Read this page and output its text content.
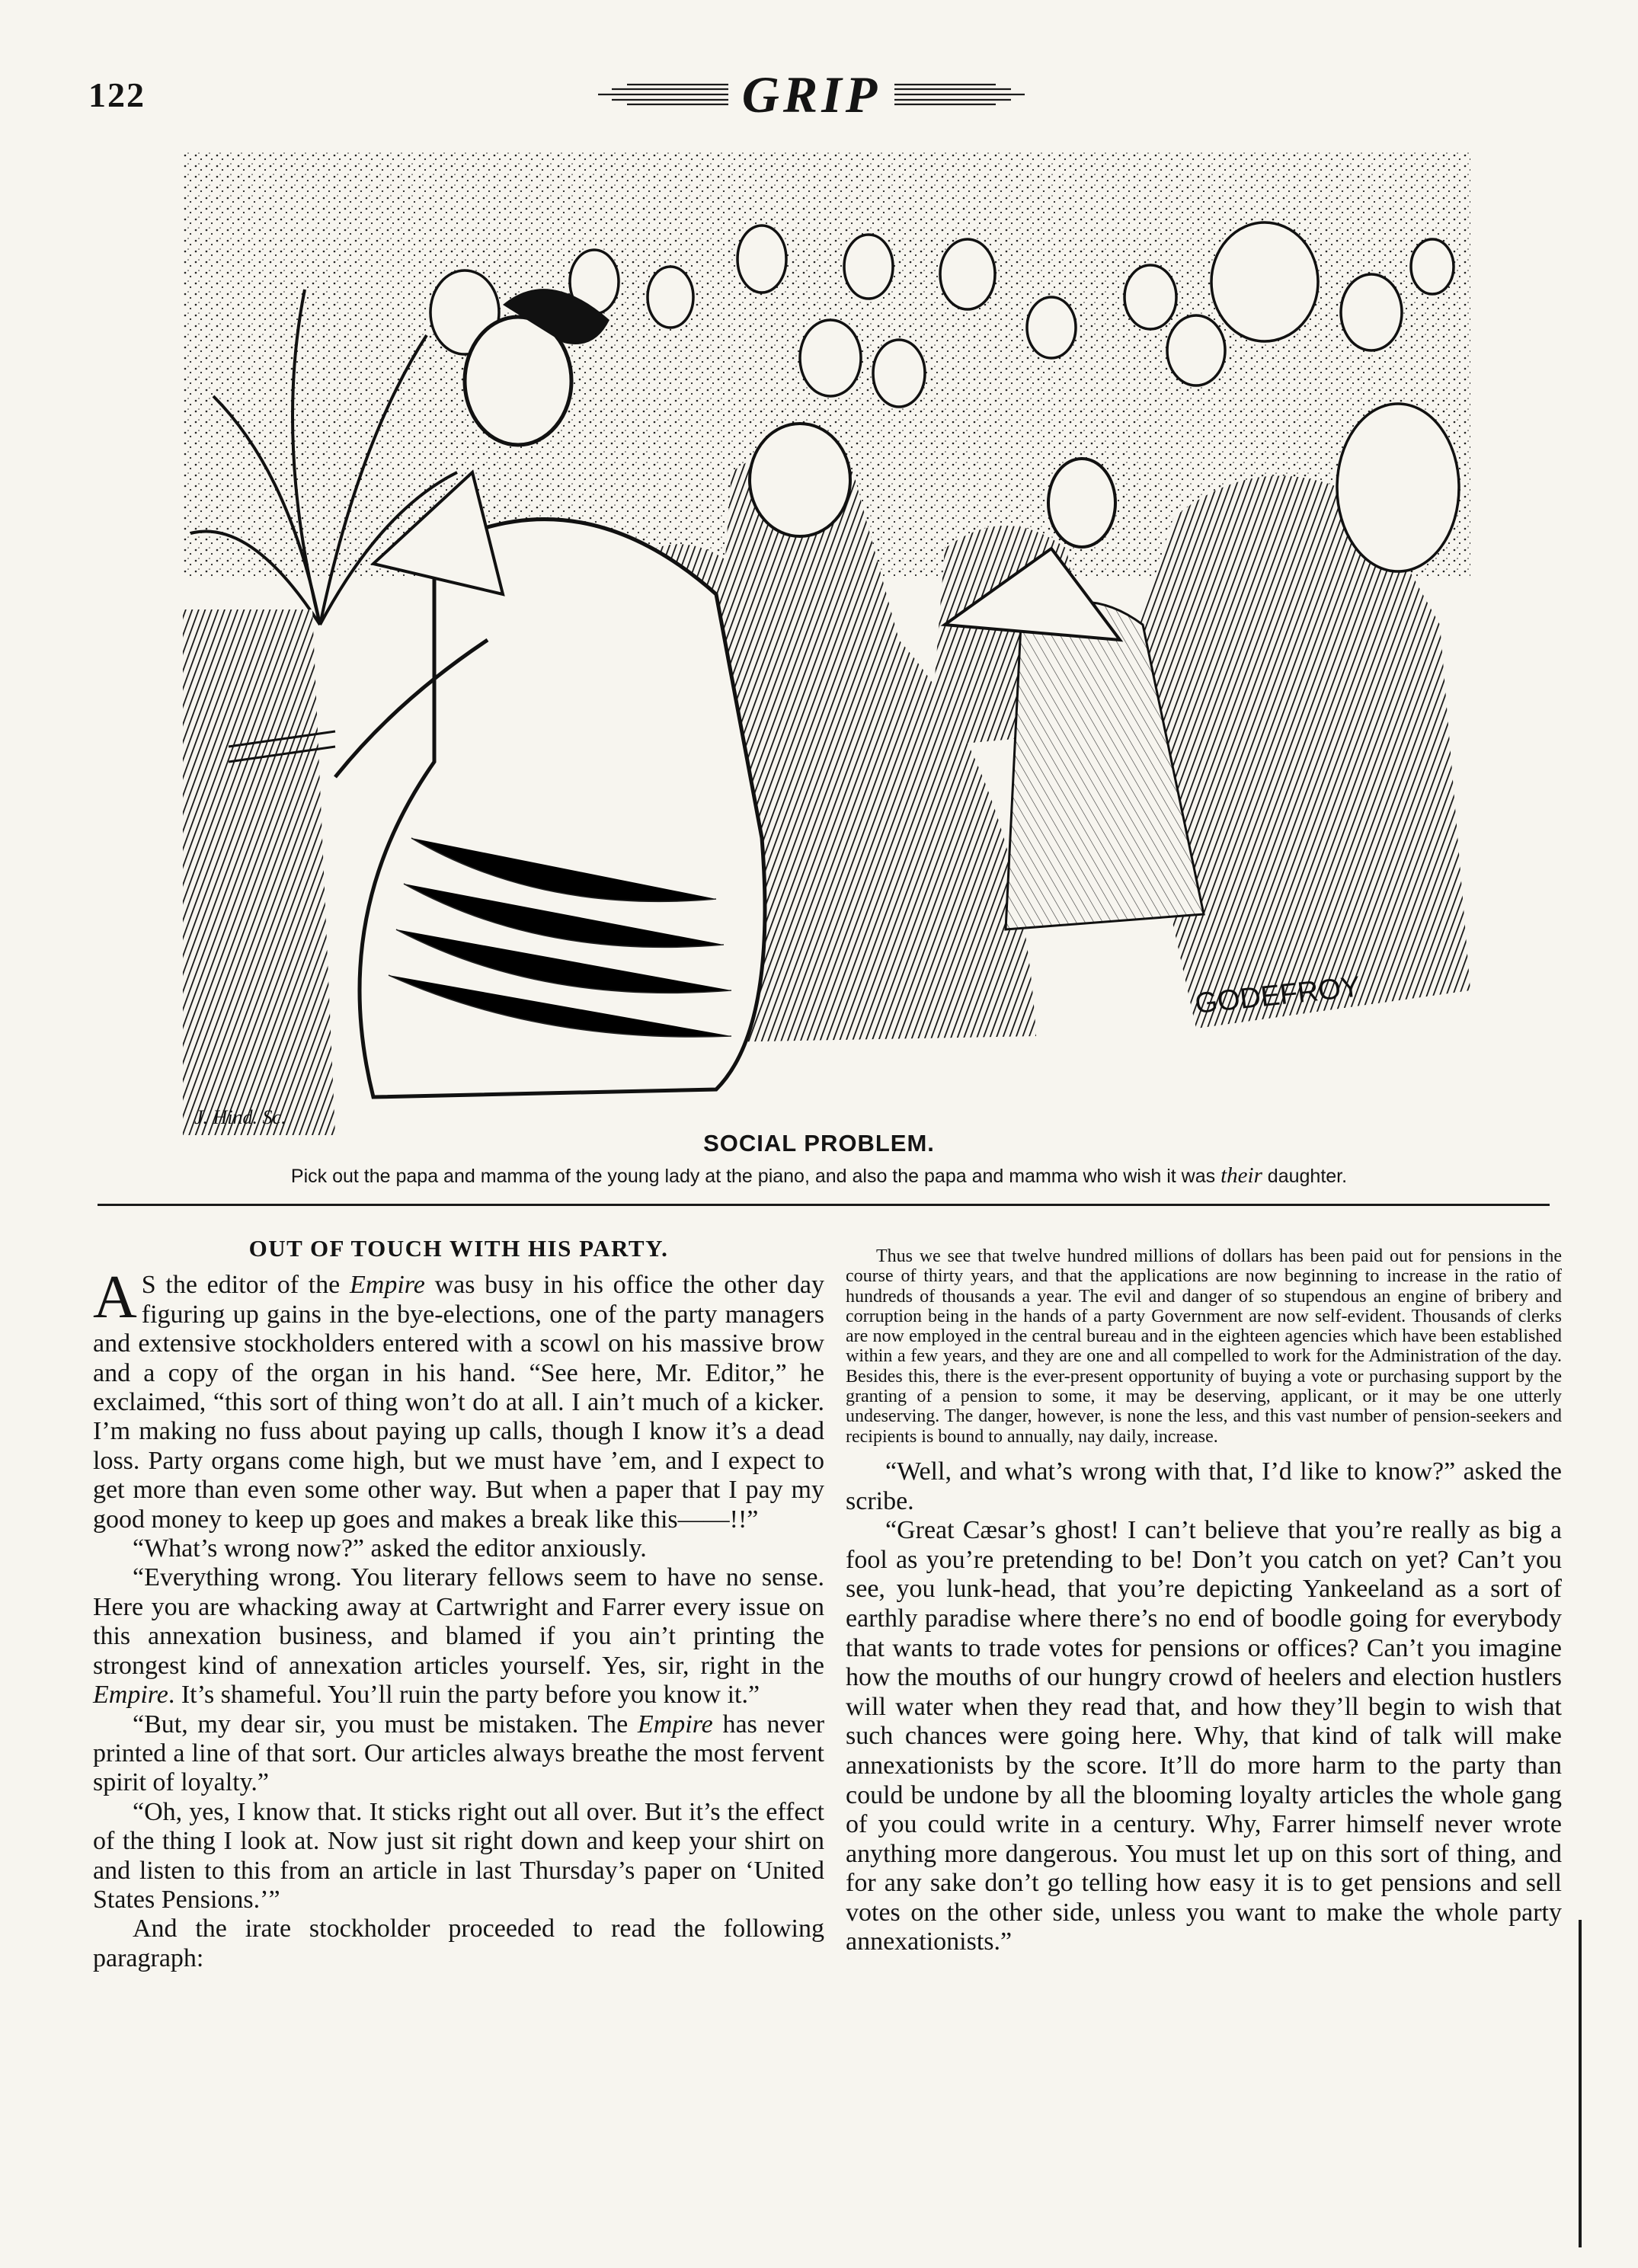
122	GRIP
J. Hind. Sc.
GODEFROY
SOCIAL PROBLEM.
Pick out the papa and mamma of the young lady at the piano, and also the papa and mamma who wish it was their daughter.
OUT OF TOUCH WITH HIS PARTY.

A S the editor of the Empire was busy in his office the other day figuring up gains in the bye-elections, one of the party managers and extensive stockholders entered with a scowl on his massive brow and a copy of the organ in his hand. “See here, Mr. Editor,” he exclaimed, “this sort of thing won’t do at all. I ain’t much of a kicker. I’m making no fuss about paying up calls, though I know it’s a dead loss. Party organs come high, but we must have ’em, and I expect to get more than even some other way. But when a paper that I pay my good money to keep up goes and makes a break like this——!!”

“What’s wrong now?” asked the editor anxiously.

“Everything wrong. You literary fellows seem to have no sense. Here you are whacking away at Cartwright and Farrer every issue on this annexation business, and blamed if you ain’t printing the strongest kind of annexation articles yourself. Yes, sir, right in the Empire. It’s shameful. You’ll ruin the party before you know it.”

“But, my dear sir, you must be mistaken. The Empire has never printed a line of that sort. Our articles always breathe the most fervent spirit of loyalty.”

“Oh, yes, I know that. It sticks right out all over. But it’s the effect of the thing I look at. Now just sit right down and keep your shirt on and listen to this from an article in last Thursday’s paper on ‘United States Pensions.’”

And the irate stockholder proceeded to read the following paragraph:

Thus we see that twelve hundred millions of dollars has been paid out for pensions in the course of thirty years, and that the applications are now beginning to increase in the ratio of hundreds of thousands a year. The evil and danger of so stupendous an engine of bribery and corruption being in the hands of a party Government are now self-evident. Thousands of clerks are now employed in the central bureau and in the eighteen agencies which have been established within a few years, and they are one and all compelled to work for the Administration of the day. Besides this, there is the ever-present opportunity of buying a vote or purchasing support by the granting of a pension to some, it may be deserving, applicant, or it may be one utterly undeserving. The danger, however, is none the less, and this vast number of pension-seekers and recipients is bound to annually, nay daily, increase.

“Well, and what’s wrong with that, I’d like to know?” asked the scribe.

“Great Cæsar’s ghost! I can’t believe that you’re really as big a fool as you’re pretending to be! Don’t you catch on yet? Can’t you see, you lunk-head, that you’re depicting Yankeeland as a sort of earthly paradise where there’s no end of boodle going for everybody that wants to trade votes for pensions or offices? Can’t you imagine how the mouths of our hungry crowd of heelers and election hustlers will water when they read that, and how they’ll begin to wish that such chances were going here. Why, that kind of talk will make annexationists by the score. It’ll do more harm to the party than could be undone by all the blooming loyalty articles the whole gang of you could write in a century. Why, Farrer himself never wrote anything more dangerous. You must let up on this sort of thing, and for any sake don’t go telling how easy it is to get pensions and sell votes on the other side, unless you want to make the whole party annexationists.”
